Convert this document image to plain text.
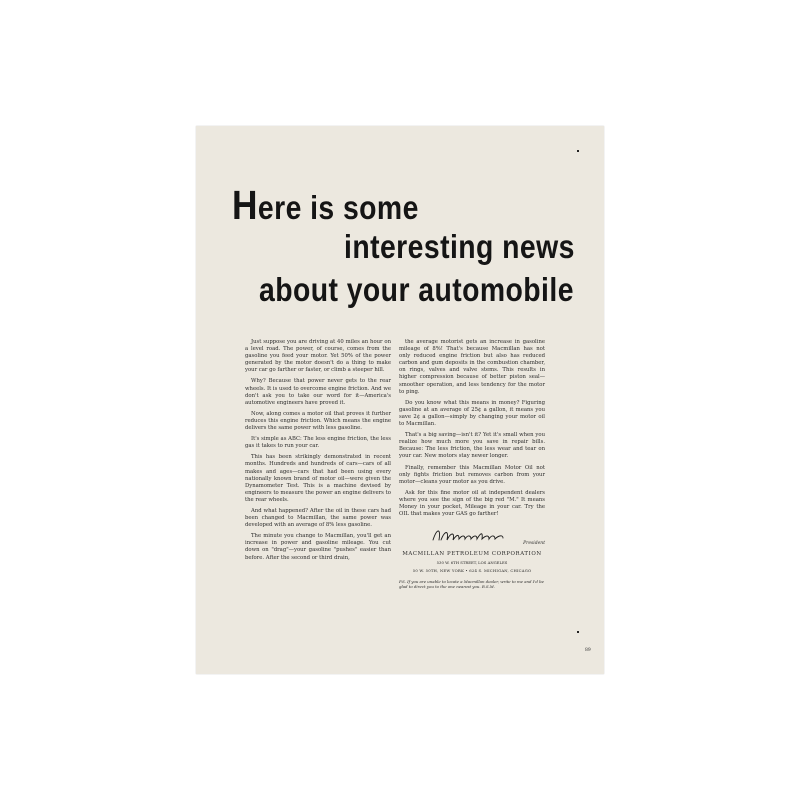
Here is some
interesting news
about your automobile

Just suppose you are driving at 40 miles an hour on a level road. The power, of course, comes from the gasoline you feed your motor. Yet 50% of the power generated by the motor doesn't do a thing to make your car go farther or faster, or climb a steeper hill.

Why? Because that power never gets to the rear wheels. It is used to overcome engine friction. And we don't ask you to take our word for it—America's automotive engineers have proved it.

Now, along comes a motor oil that proves it further reduces this engine friction. Which means the engine delivers the same power with less gasoline.

It's simple as ABC: The less engine friction, the less gas it takes to run your car.

This has been strikingly demonstrated in recent months. Hundreds and hundreds of cars—cars of all makes and ages—cars that had been using every nationally known brand of motor oil—were given the Dynamometer Test. This is a machine devised by engineers to measure the power an engine delivers to the rear wheels.

And what happened? After the oil in these cars had been changed to Macmillan, the same power was developed with an average of 8% less gasoline.

The minute you change to Macmillan, you'll get an increase in power and gasoline mileage. You cut down on "drag"—your gasoline "pushes" easier than before. After the second or third drain,

the average motorist gets an increase in gasoline mileage of 8%! That's because Macmillan has not only reduced engine friction but also has reduced carbon and gum deposits in the combustion chamber, on rings, valves and valve stems. This results in higher compression because of better piston seal—smoother operation, and less tendency for the motor to ping.

Do you know what this means in money? Figuring gasoline at an average of 25¢ a gallon, it means you save 2¢ a gallon—simply by changing your motor oil to Macmillan.

That's a big saving—isn't it? Yet it's small when you realize how much more you save in repair bills. Because: The less friction, the less wear and tear on your car. New motors stay newer longer.

Finally, remember this Macmillan Motor Oil not only fights friction but removes carbon from your motor—cleans your motor as you drive.

Ask for this fine motor oil at independent dealers where you see the sign of the big red "M." It means Money in your pocket, Mileage in your car. Try the OIL that makes your GAS go farther!

President
MACMILLAN PETROLEUM CORPORATION
530 W. 6TH STREET, LOS ANGELES
50 W. 50TH, NEW YORK • 624 S. MICHIGAN, CHICAGO
P.S. If you are unable to locate a Macmillan dealer, write to me and I'd be glad to direct you to the one nearest you. R.S.M.
89
